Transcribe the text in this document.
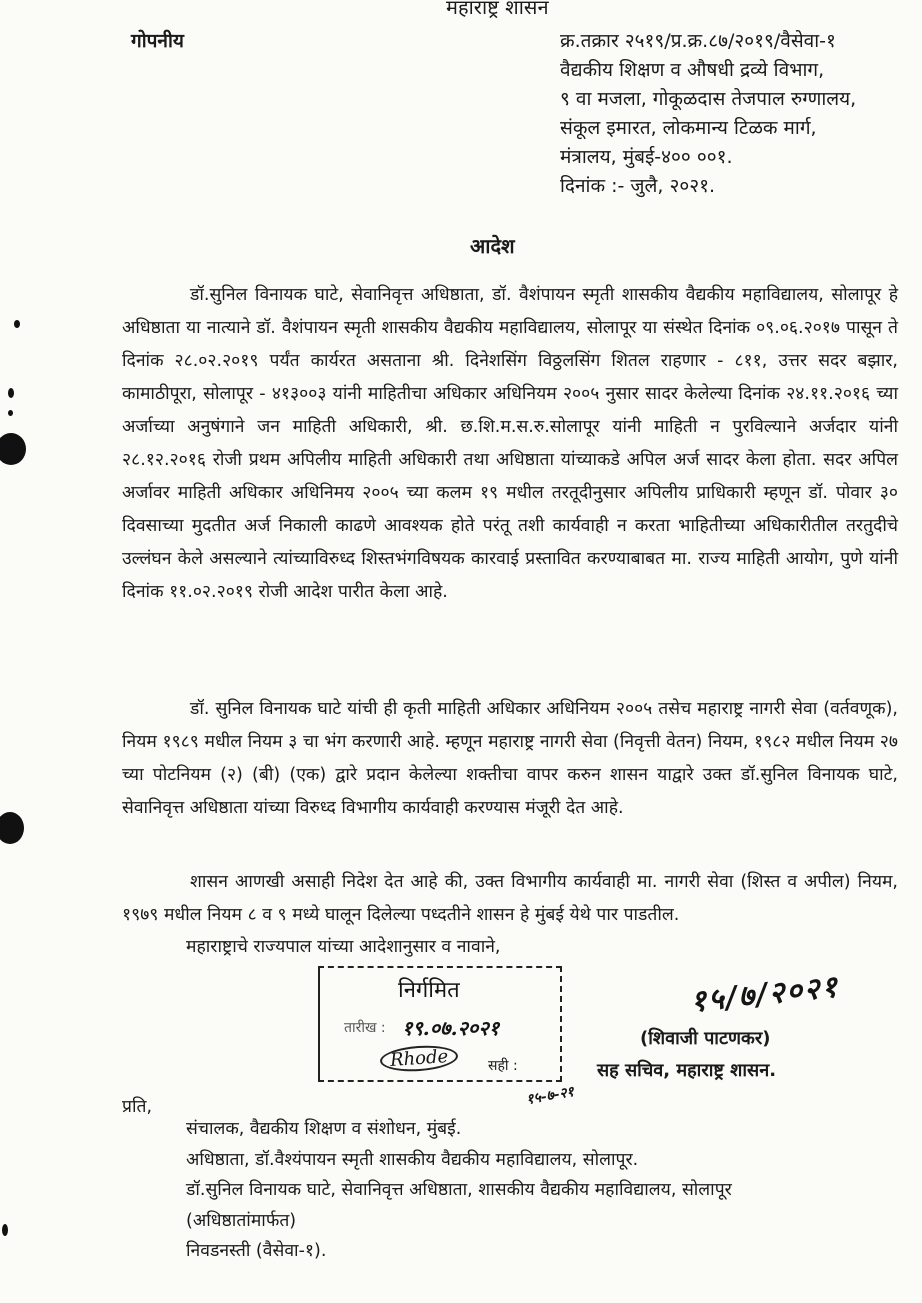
महाराष्ट्र शासन
गोपनीय	क्र.तक्रार २५१९/प्र.क्र.८७/२०१९/वैसेवा-१
वैद्यकीय शिक्षण व औषधी द्रव्ये विभाग,
९ वा मजला, गोकूळदास तेजपाल रुग्णालय,
संकूल इमारत, लोकमान्य टिळक मार्ग,
मंत्रालय, मुंबई-४०० ००१.
दिनांक :- जुलै, २०२१.
आदेश
डॉ.सुनिल विनायक घाटे, सेवानिवृत्त अधिष्ठाता, डॉ. वैशंपायन स्मृती शासकीय वैद्यकीय महाविद्यालय, सोलापूर हे अधिष्ठाता या नात्याने डॉ. वैशंपायन स्मृती शासकीय वैद्यकीय महाविद्यालय, सोलापूर या संस्थेत दिनांक ०९.०६.२०१७ पासून ते दिनांक २८.०२.२०१९ पर्यंत कार्यरत असताना श्री. दिनेशसिंग विठ्ठलसिंग शितल राहणार - ८११, उत्तर सदर बझार, कामाठीपूरा, सोलापूर - ४१३००३ यांनी माहितीचा अधिकार अधिनियम २००५ नुसार सादर केलेल्या दिनांक २४.११.२०१६ च्या अर्जाच्या अनुषंगाने जन माहिती अधिकारी, श्री. छ.शि.म.स.रु.सोलापूर यांनी माहिती न पुरविल्याने अर्जदार यांनी २८.१२.२०१६ रोजी प्रथम अपिलीय माहिती अधिकारी तथा अधिष्ठाता यांच्याकडे अपिल अर्ज सादर केला होता. सदर अपिल अर्जावर माहिती अधिकार अधिनिमय २००५ च्या कलम १९ मधील तरतूदीनुसार अपिलीय प्राधिकारी म्हणून डॉ. पोवार ३० दिवसाच्या मुदतीत अर्ज निकाली काढणे आवश्यक होते परंतू तशी कार्यवाही न करता भाहितीच्या अधिकारीतील तरतुदीचे उल्लंघन केले असल्याने त्यांच्याविरुध्द शिस्तभंगविषयक कारवाई प्रस्तावित करण्याबाबत मा. राज्य माहिती आयोग, पुणे यांनी दिनांक ११.०२.२०१९ रोजी आदेश पारीत केला आहे.
डॉ. सुनिल विनायक घाटे यांची ही कृती माहिती अधिकार अधिनियम २००५ तसेच महाराष्ट्र नागरी सेवा (वर्तवणूक), नियम १९८९ मधील नियम ३ चा भंग करणारी आहे. म्हणून महाराष्ट्र नागरी सेवा (निवृत्ती वेतन) नियम, १९८२ मधील नियम २७ च्या पोटनियम (२) (बी) (एक) द्वारे प्रदान केलेल्या शक्तीचा वापर करुन शासन याद्वारे उक्त डॉ.सुनिल विनायक घाटे, सेवानिवृत्त अधिष्ठाता यांच्या विरुध्द विभागीय कार्यवाही करण्यास मंजूरी देत आहे.
शासन आणखी असाही निदेश देत आहे की, उक्त विभागीय कार्यवाही मा. नागरी सेवा (शिस्त व अपील) नियम, १९७९ मधील नियम ८ व ९ मध्ये घालून दिलेल्या पध्दतीने शासन हे मुंबई येथे पार पाडतील.
महाराष्ट्राचे राज्यपाल यांच्या आदेशानुसार व नावाने,
निर्गमित
तारीख : १९.०७.२०२१
Rhode	सही :
१५-७-२१
१५/७/२०२१
(शिवाजी पाटणकर)
सह सचिव, महाराष्ट्र शासन.
प्रति,
संचालक, वैद्यकीय शिक्षण व संशोधन, मुंबई.
अधिष्ठाता, डॉ.वैश्यंपायन स्मृती शासकीय वैद्यकीय महाविद्यालय, सोलापूर.
डॉ.सुनिल विनायक घाटे, सेवानिवृत्त अधिष्ठाता, शासकीय वैद्यकीय महाविद्यालय, सोलापूर
(अधिष्ठातांमार्फत)
निवडनस्ती (वैसेवा-१).
